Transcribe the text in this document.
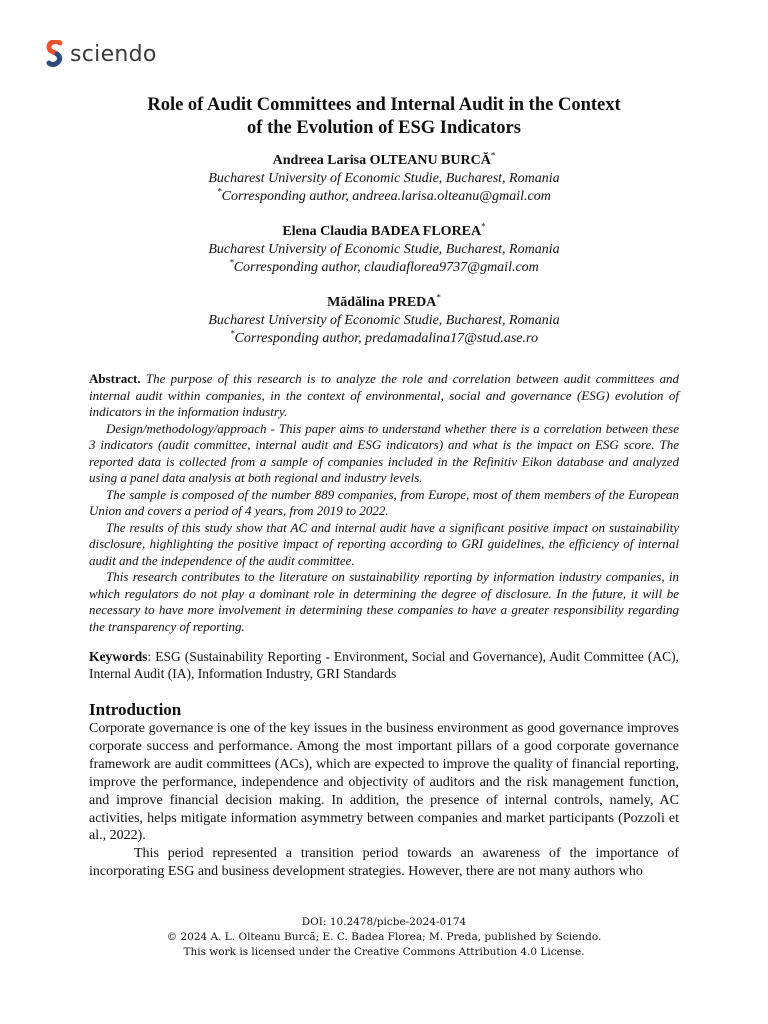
sciendo
Role of Audit Committees and Internal Audit in the Context
of the Evolution of ESG Indicators
Andreea Larisa OLTEANU BURCĂ*
Bucharest University of Economic Studie, Bucharest, Romania
*Corresponding author, andreea.larisa.olteanu@gmail.com
Elena Claudia BADEA FLOREA*
Bucharest University of Economic Studie, Bucharest, Romania
*Corresponding author, claudiaflorea9737@gmail.com
Mădălina PREDA*
Bucharest University of Economic Studie, Bucharest, Romania
*Corresponding author, predamadalina17@stud.ase.ro

Abstract. The purpose of this research is to analyze the role and correlation between audit committees and internal audit within companies, in the context of environmental, social and governance (ESG) evolution of indicators in the information industry.

Design/methodology/approach - This paper aims to understand whether there is a correlation between these 3 indicators (audit committee, internal audit and ESG indicators) and what is the impact on ESG score. The reported data is collected from a sample of companies included in the Refinitiv Eikon database and analyzed using a panel data analysis at both regional and industry levels.

The sample is composed of the number 889 companies, from Europe, most of them members of the European Union and covers a period of 4 years, from 2019 to 2022.

The results of this study show that AC and internal audit have a significant positive impact on sustainability disclosure, highlighting the positive impact of reporting according to GRI guidelines, the efficiency of internal audit and the independence of the audit committee.

This research contributes to the literature on sustainability reporting by information industry companies, in which regulators do not play a dominant role in determining the degree of disclosure. In the future, it will be necessary to have more involvement in determining these companies to have a greater responsibility regarding the transparency of reporting.

Keywords: ESG (Sustainability Reporting - Environment, Social and Governance), Audit Committee (AC), Internal Audit (IA), Information Industry, GRI Standards
Introduction

Corporate governance is one of the key issues in the business environment as good governance improves corporate success and performance. Among the most important pillars of a good corporate governance framework are audit committees (ACs), which are expected to improve the quality of financial reporting, improve the performance, independence and objectivity of auditors and the risk management function, and improve financial decision making. In addition, the presence of internal controls, namely, AC activities, helps mitigate information asymmetry between companies and market participants (Pozzoli et al., 2022).

This period represented a transition period towards an awareness of the importance of incorporating ESG and business development strategies. However, there are not many authors who

DOI: 10.2478/picbe-2024-0174
© 2024 A. L. Olteanu Burcă; E. C. Badea Florea; M. Preda, published by Sciendo.
This work is licensed under the Creative Commons Attribution 4.0 License.
